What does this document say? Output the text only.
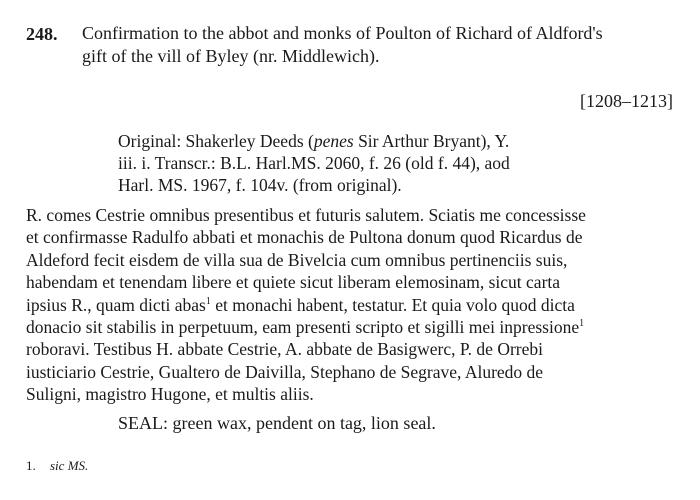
248. Confirmation to the abbot and monks of Poulton of Richard of Aldford's
gift of the vill of Byley (nr. Middlewich).
[1208–1213]
Original: Shakerley Deeds (penes Sir Arthur Bryant), Y.
iii. i. Transcr.: B.L. Harl.MS. 2060, f. 26 (old f. 44), aod
Harl. MS. 1967, f. 104v. (from original).
R. comes Cestrie omnibus presentibus et futuris salutem. Sciatis me concessisse
et confirmasse Radulfo abbati et monachis de Pultona donum quod Ricardus de
Aldeford fecit eisdem de villa sua de Bivelcia cum omnibus pertinenciis suis,
habendam et tenendam libere et quiete sicut liberam elemosinam, sicut carta
ipsius R., quam dicti abas$^1$ et monachi habent, testatur. Et quia volo quod dicta
donacio sit stabilis in perpetuum, eam presenti scripto et sigilli mei inpressione$^1$
roboravi. Testibus H. abbate Cestrie, A. abbate de Basigwerc, P. de Orrebi
iusticiario Cestrie, Gualtero de Daivilla, Stephano de Segrave, Aluredo de
Suligni, magistro Hugone, et multis aliis.
SEAL: green wax, pendent on tag, lion seal.
1. sic MS.
